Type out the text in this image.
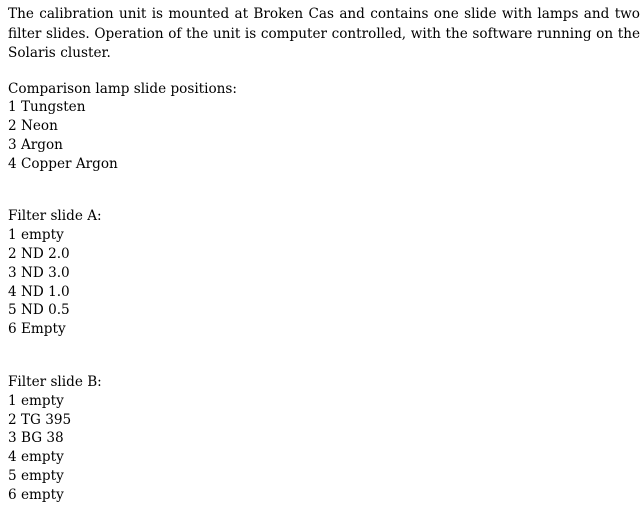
The calibration unit is mounted at Broken Cas and contains one slide with lamps and two filter slides. Operation of the unit is computer controlled, with the software running on the Solaris cluster.

Comparison lamp slide positions:
1 Tungsten
2 Neon
3 Argon
4 Copper Argon
Filter slide A:
1 empty
2 ND 2.0
3 ND 3.0
4 ND 1.0
5 ND 0.5
6 Empty
Filter slide B:
1 empty
2 TG 395
3 BG 38
4 empty
5 empty
6 empty
